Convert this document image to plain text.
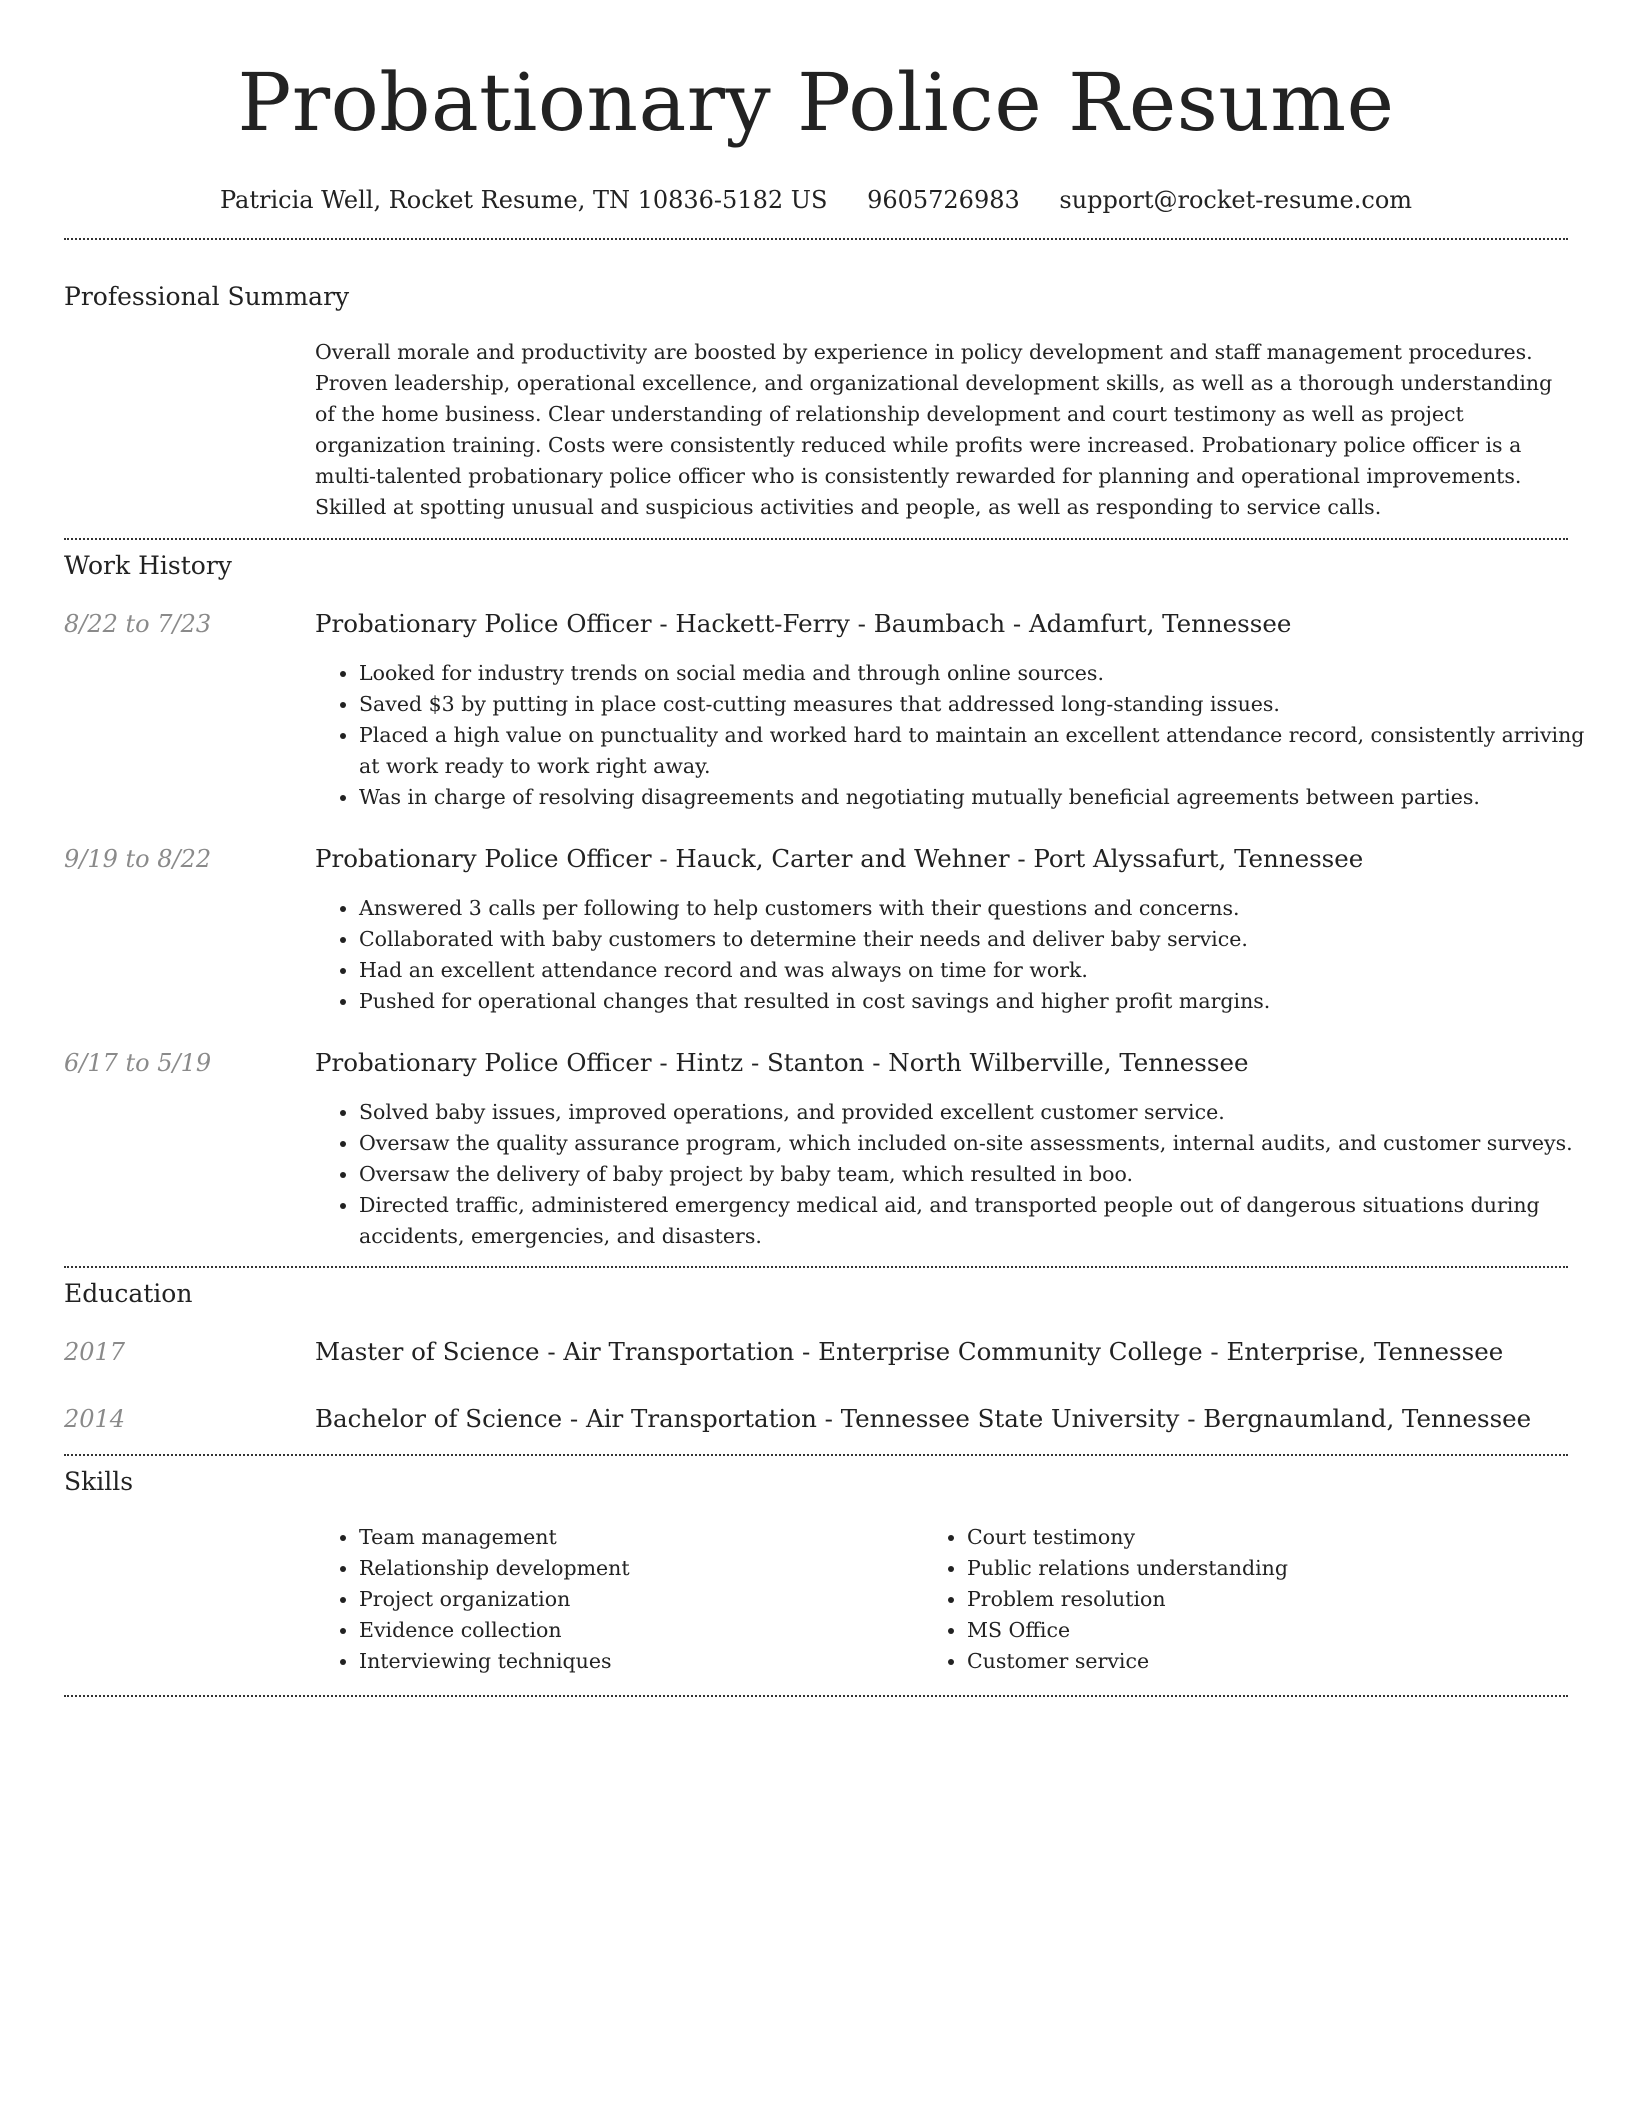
Probationary Police Resume
Patricia Well, Rocket Resume, TN 10836-5182 US 9605726983 support@rocket-resume.com
Professional Summary

Overall morale and productivity are boosted by experience in policy development and staff management procedures. Proven leadership, operational excellence, and organizational development skills, as well as a thorough understanding of the home business. Clear understanding of relationship development and court testimony as well as project organization training. Costs were consistently reduced while profits were increased. Probationary police officer is a multi-talented probationary police officer who is consistently rewarded for planning and operational improvements. Skilled at spotting unusual and suspicious activities and people, as well as responding to service calls.

Work History
8/22 to 7/23	Probationary Police Officer - Hackett-Ferry - Baumbach - Adamfurt, Tennessee
• Looked for industry trends on social media and through online sources.
• Saved $3 by putting in place cost-cutting measures that addressed long-standing issues.
• Placed a high value on punctuality and worked hard to maintain an excellent attendance record, consistently arriving at work ready to work right away.
• Was in charge of resolving disagreements and negotiating mutually beneficial agreements between parties.
9/19 to 8/22	Probationary Police Officer - Hauck, Carter and Wehner - Port Alyssafurt, Tennessee
• Answered 3 calls per following to help customers with their questions and concerns.
• Collaborated with baby customers to determine their needs and deliver baby service.
• Had an excellent attendance record and was always on time for work.
• Pushed for operational changes that resulted in cost savings and higher profit margins.
6/17 to 5/19	Probationary Police Officer - Hintz - Stanton - North Wilberville, Tennessee
• Solved baby issues, improved operations, and provided excellent customer service.
• Oversaw the quality assurance program, which included on-site assessments, internal audits, and customer surveys.
• Oversaw the delivery of baby project by baby team, which resulted in boo.
• Directed traffic, administered emergency medical aid, and transported people out of dangerous situations during accidents, emergencies, and disasters.
Education
2017	Master of Science - Air Transportation - Enterprise Community College - Enterprise, Tennessee
2014	Bachelor of Science - Air Transportation - Tennessee State University - Bergnaumland, Tennessee
Skills
• Team management
• Relationship development
• Project organization
• Evidence collection
• Interviewing techniques
• Court testimony
• Public relations understanding
• Problem resolution
• MS Office
• Customer service
